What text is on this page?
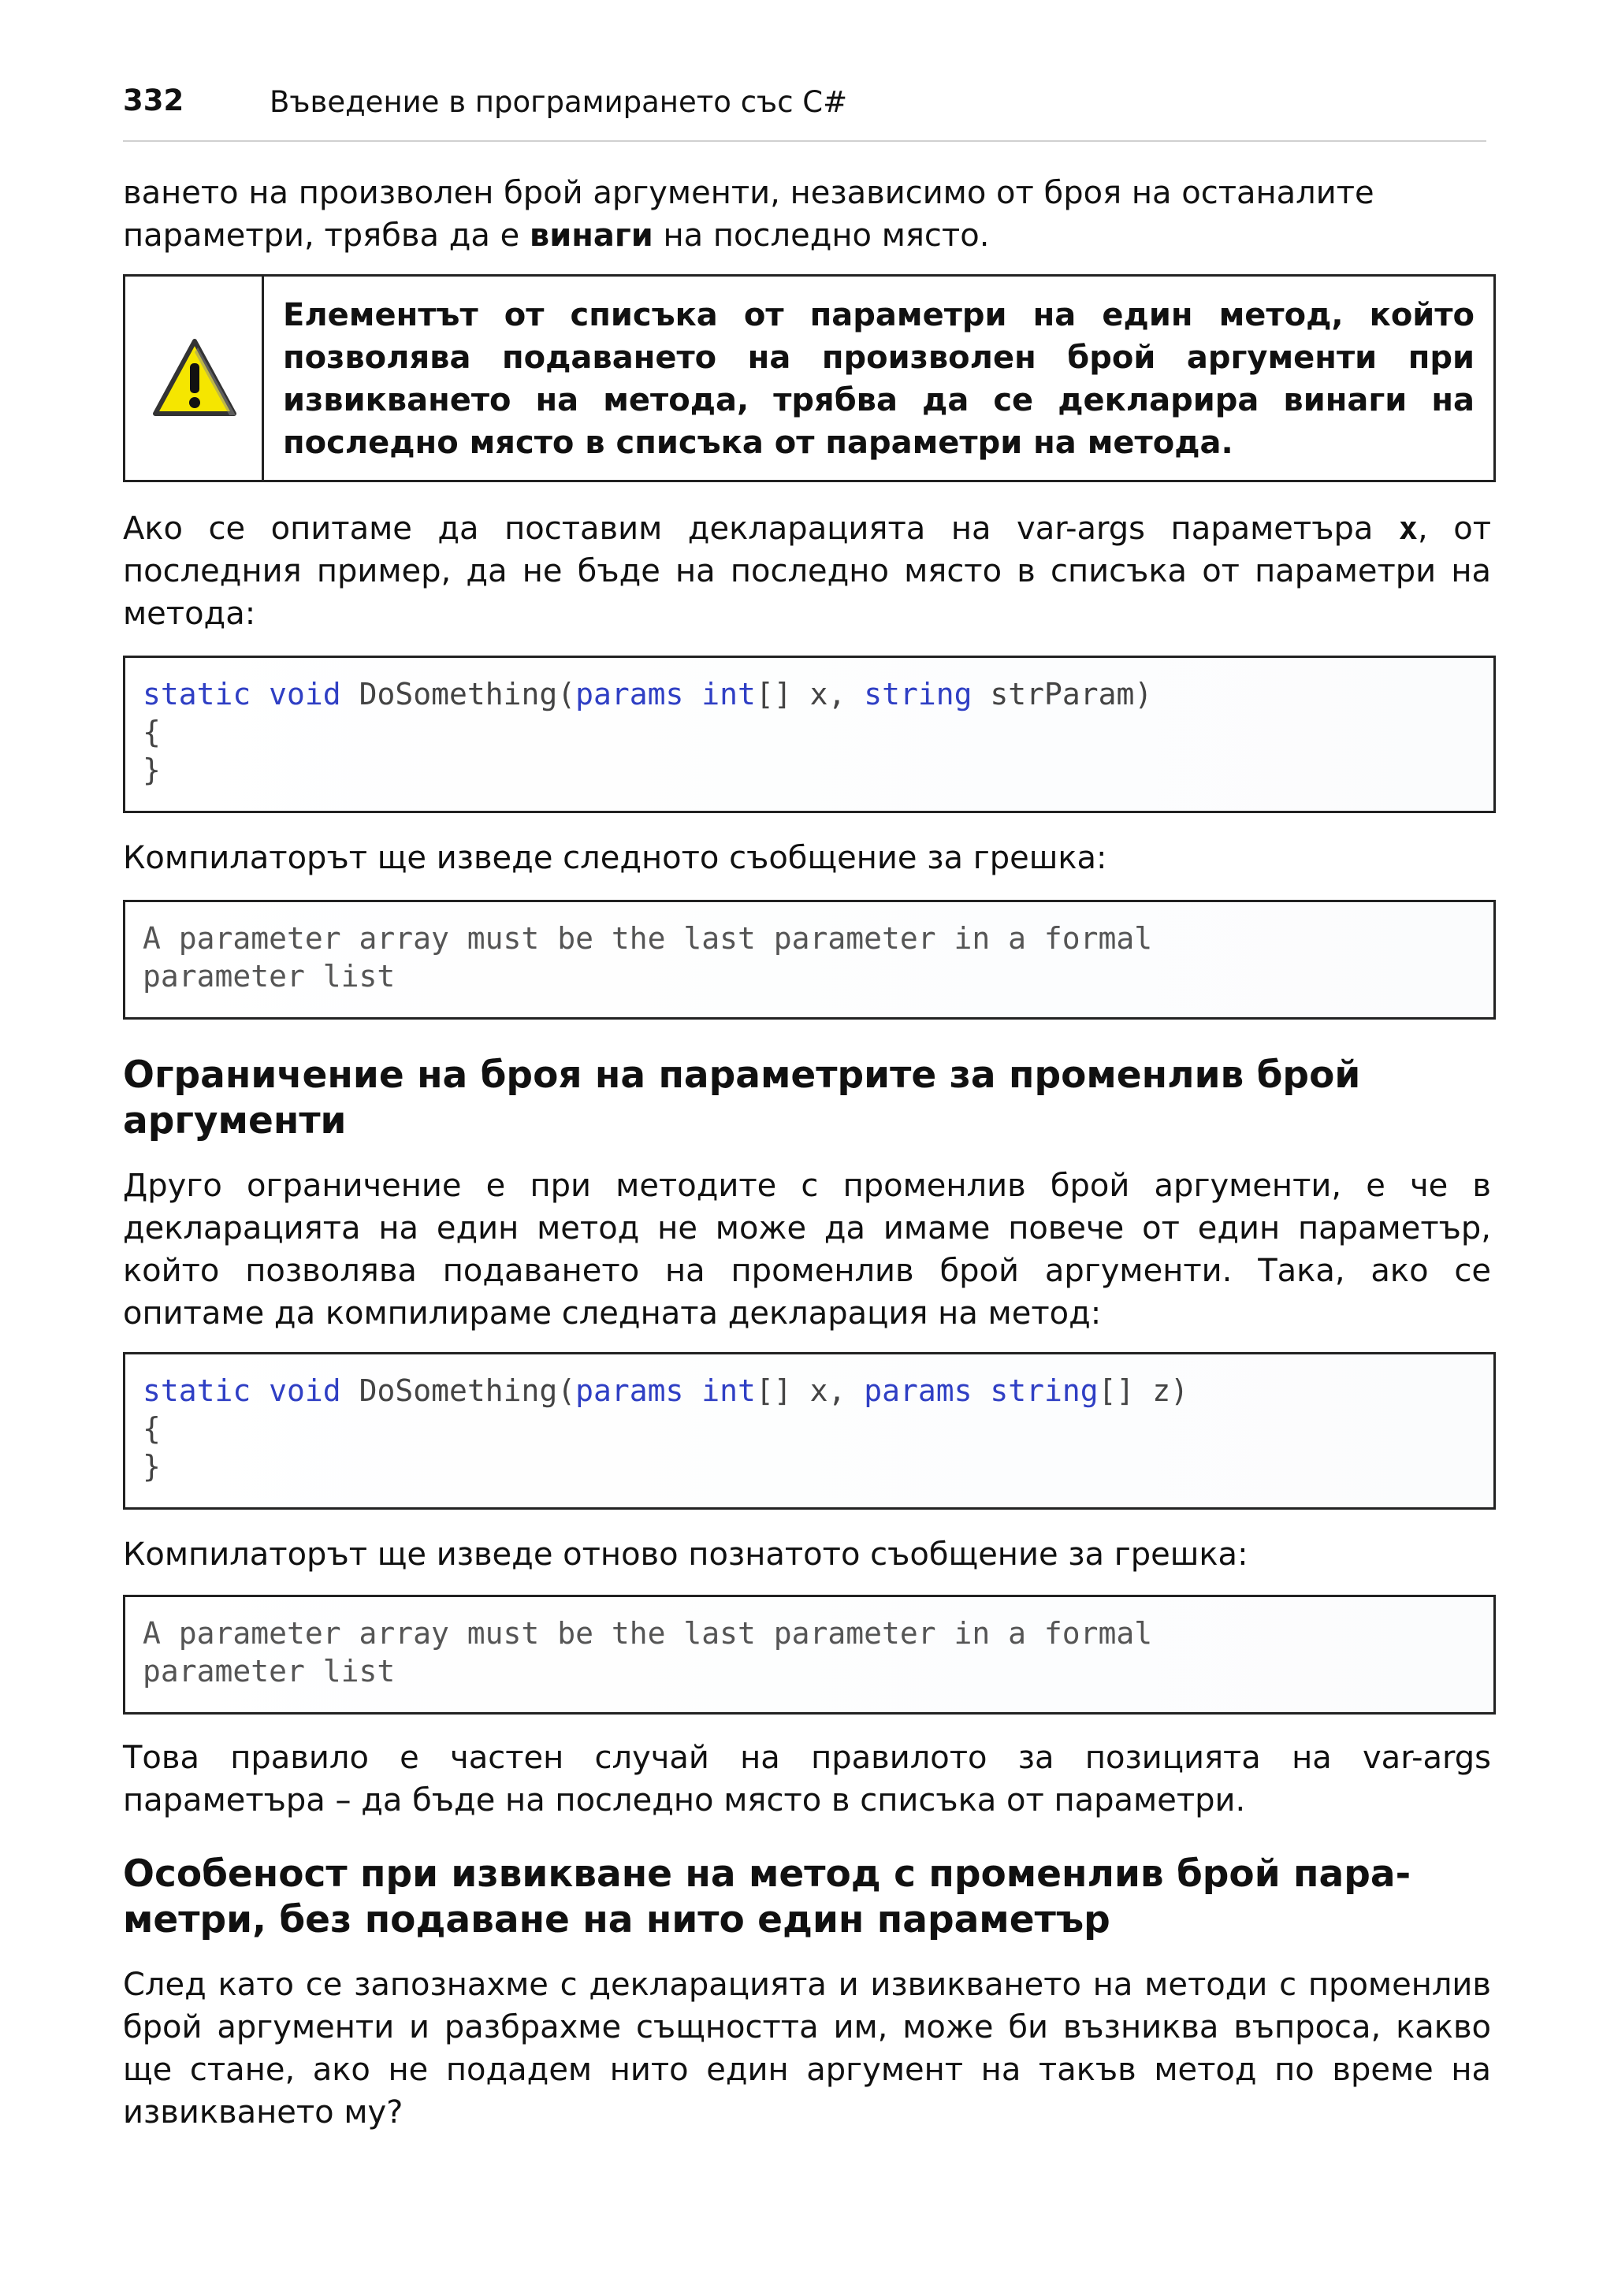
332	Въведение в програмирането със C#

ването на произволен брой аргументи, независимо от броя на останалите
параметри, трябва да е винаги на последно място.

Елементът от списъка от параметри на един метод, който позволява подаването на произволен брой аргументи при извикването на метода, трябва да се декларира винаги на последно място в списъка от параметри на метода.

Ако се опитаме да поставим декларацията на var-args параметъра x, от последния пример, да не бъде на последно място в списъка от параметри на метода:

static void DoSomething(params int[] x, string strParam)
{
}

Компилаторът ще изведе следното съобщение за грешка:

A parameter array must be the last parameter in a formal
parameter list
Ограничение на броя на параметрите за променлив брой аргументи

Друго ограничение е при методите с променлив брой аргументи, е че в декларацията на един метод не може да имаме повече от един параметър, който позволява подаването на променлив брой аргументи. Така, ако се опитаме да компилираме следната декларация на метод:

static void DoSomething(params int[] x, params string[] z)
{
}

Компилаторът ще изведе отново познатото съобщение за грешка:

A parameter array must be the last parameter in a formal
parameter list

Това правило е частен случай на правилото за позицията на var-args параметъра – да бъде на последно място в списъка от параметри.

Особеност при извикване на метод с променлив брой пара-
метри, без подаване на нито един параметър

След като се запознахме с декларацията и извикването на методи с променлив брой аргументи и разбрахме същността им, може би възниква въпроса, какво ще стане, ако не подадем нито един аргумент на такъв метод по време на извикването му?
